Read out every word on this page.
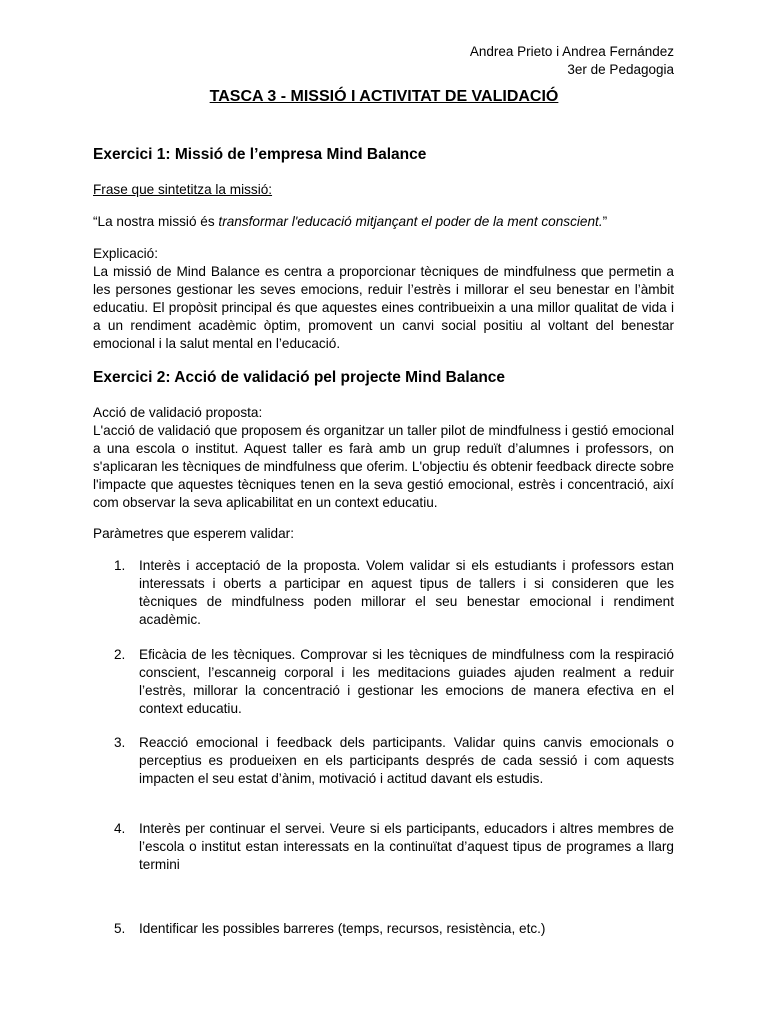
Andrea Prieto i Andrea Fernández
3er de Pedagogia
TASCA 3 - MISSIÓ I ACTIVITAT DE VALIDACIÓ
Exercici 1: Missió de l’empresa Mind Balance
Frase que sintetitza la missió:
“La nostra missió és transformar l'educació mitjançant el poder de la ment conscient.”
Explicació:
La missió de Mind Balance es centra a proporcionar tècniques de mindfulness que permetin a les persones gestionar les seves emocions, reduir l’estrès i millorar el seu benestar en l’àmbit educatiu. El propòsit principal és que aquestes eines contribueixin a una millor qualitat de vida i a un rendiment acadèmic òptim, promovent un canvi social positiu al voltant del benestar emocional i la salut mental en l’educació.
Exercici 2: Acció de validació pel projecte Mind Balance
Acció de validació proposta:
L'acció de validació que proposem és organitzar un taller pilot de mindfulness i gestió emocional a una escola o institut. Aquest taller es farà amb un grup reduït d’alumnes i professors, on s'aplicaran les tècniques de mindfulness que oferim. L'objectiu és obtenir feedback directe sobre l'impacte que aquestes tècniques tenen en la seva gestió emocional, estrès i concentració, així com observar la seva aplicabilitat en un context educatiu.
Paràmetres que esperem validar:
1.	Interès i acceptació de la proposta. Volem validar si els estudiants i professors estan interessats i oberts a participar en aquest tipus de tallers i si consideren que les tècniques de mindfulness poden millorar el seu benestar emocional i rendiment acadèmic.
2.	Eficàcia de les tècniques. Comprovar si les tècniques de mindfulness com la respiració conscient, l’escanneig corporal i les meditacions guiades ajuden realment a reduir l’estrès, millorar la concentració i gestionar les emocions de manera efectiva en el context educatiu.
3.	Reacció emocional i feedback dels participants. Validar quins canvis emocionals o perceptius es produeixen en els participants després de cada sessió i com aquests impacten el seu estat d’ànim, motivació i actitud davant els estudis.
4.	Interès per continuar el servei. Veure si els participants, educadors i altres membres de l’escola o institut estan interessats en la continuïtat d’aquest tipus de programes a llarg termini
5.	Identificar les possibles barreres (temps, recursos, resistència, etc.)
